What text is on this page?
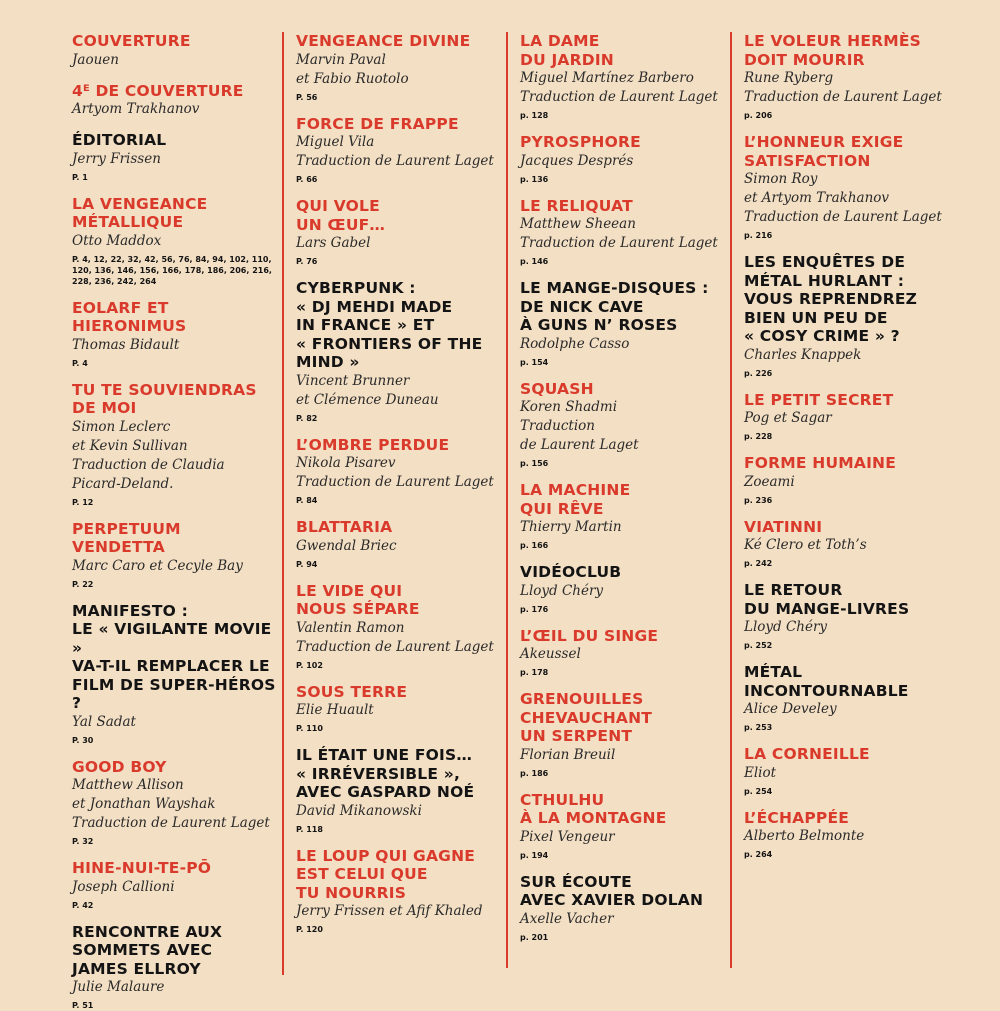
COUVERTURE
Jaouen
4ᴱ DE COUVERTURE
Artyom Trakhanov
ÉDITORIAL
Jerry Frissen
P. 1
LA VENGEANCE
MÉTALLIQUE
Otto Maddox
P. 4, 12, 22, 32, 42, 56, 76, 84, 94, 102, 110, 120, 136, 146, 156, 166, 178, 186, 206, 216, 228, 236, 242, 264
EOLARF ET
HIERONIMUS
Thomas Bidault
P. 4
TU TE SOUVIENDRAS
DE MOI
Simon Leclerc
et Kevin Sullivan
Traduction de Claudia
Picard-Deland.
P. 12
PERPETUUM VENDETTA
Marc Caro et Cecyle Bay
P. 22
MANIFESTO :
LE « VIGILANTE MOVIE »
VA-T-IL REMPLACER LE
FILM DE SUPER-HÉROS ?
Yal Sadat
P. 30
GOOD BOY
Matthew Allison
et Jonathan Wayshak
Traduction de Laurent Laget
P. 32
HINE-NUI-TE-PŌ
Joseph Callioni
P. 42
RENCONTRE AUX
SOMMETS AVEC
JAMES ELLROY
Julie Malaure
P. 51
VENGEANCE DIVINE
Marvin Paval
et Fabio Ruotolo
P. 56
FORCE DE FRAPPE
Miguel Vila
Traduction de Laurent Laget
P. 66
QUI VOLE
UN ŒUF…
Lars Gabel
P. 76
CYBERPUNK :
« DJ MEHDI MADE
IN FRANCE » ET
« FRONTIERS OF THE
MIND »
Vincent Brunner
et Clémence Duneau
P. 82
L’OMBRE PERDUE
Nikola Pisarev
Traduction de Laurent Laget
P. 84
BLATTARIA
Gwendal Briec
P. 94
LE VIDE QUI
NOUS SÉPARE
Valentin Ramon
Traduction de Laurent Laget
P. 102
SOUS TERRE
Elie Huault
P. 110
IL ÉTAIT UNE FOIS…
« IRRÉVERSIBLE »,
AVEC GASPARD NOÉ
David Mikanowski
P. 118
LE LOUP QUI GAGNE
EST CELUI QUE
TU NOURRIS
Jerry Frissen et Afif Khaled
P. 120
LA DAME
DU JARDIN
Miguel Martínez Barbero
Traduction de Laurent Laget
p. 128
PYROSPHORE
Jacques Després
p. 136
LE RELIQUAT
Matthew Sheean
Traduction de Laurent Laget
p. 146
LE MANGE-DISQUES :
DE NICK CAVE
À GUNS N’ ROSES
Rodolphe Casso
p. 154
SQUASH
Koren Shadmi
Traduction
de Laurent Laget
p. 156
LA MACHINE
QUI RÊVE
Thierry Martin
p. 166
VIDÉOCLUB
Lloyd Chéry
p. 176
L’ŒIL DU SINGE
Akeussel
p. 178
GRENOUILLES
CHEVAUCHANT
UN SERPENT
Florian Breuil
p. 186
CTHULHU
À LA MONTAGNE
Pixel Vengeur
p. 194
SUR ÉCOUTE
AVEC XAVIER DOLAN
Axelle Vacher
p. 201
LE VOLEUR HERMÈS
DOIT MOURIR
Rune Ryberg
Traduction de Laurent Laget
p. 206
L’HONNEUR EXIGE
SATISFACTION
Simon Roy
et Artyom Trakhanov
Traduction de Laurent Laget
p. 216
LES ENQUÊTES DE
MÉTAL HURLANT :
VOUS REPRENDREZ
BIEN UN PEU DE
« COSY CRIME » ?
Charles Knappek
p. 226
LE PETIT SECRET
Pog et Sagar
p. 228
FORME HUMAINE
Zoeami
p. 236
VIATINNI
Ké Clero et Toth’s
p. 242
LE RETOUR
DU MANGE-LIVRES
Lloyd Chéry
p. 252
MÉTAL
INCONTOURNABLE
Alice Develey
p. 253
LA CORNEILLE
Eliot
p. 254
L’ÉCHAPPÉE
Alberto Belmonte
p. 264
